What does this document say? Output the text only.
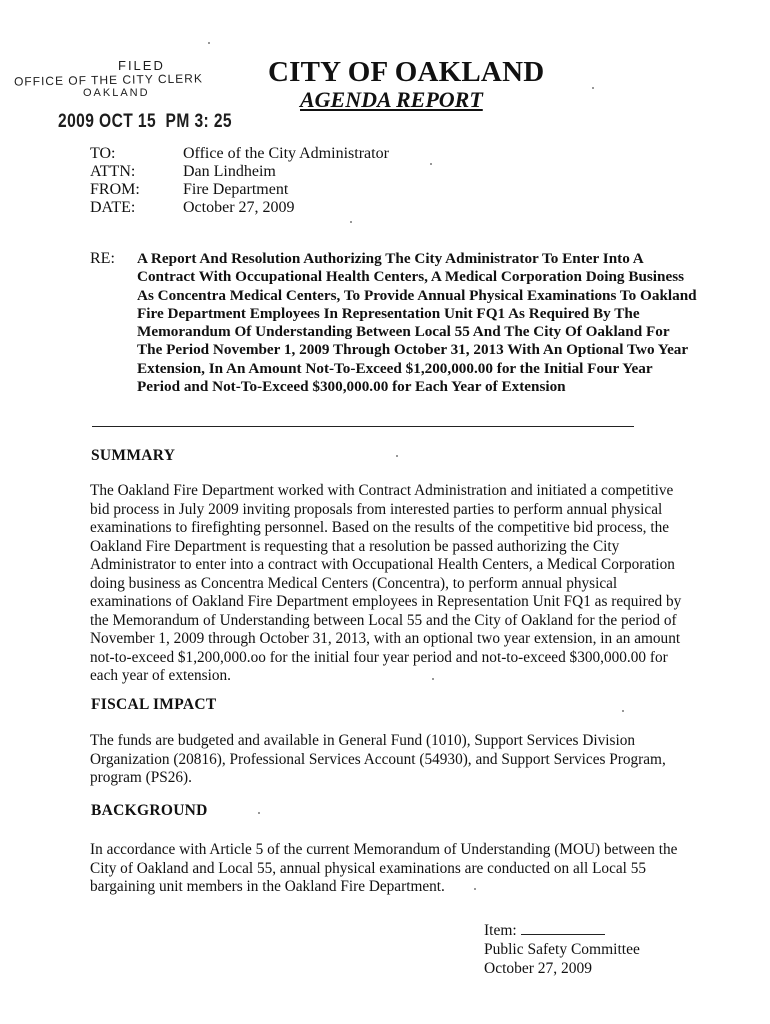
FILED
OFFICE OF THE CITY CLERK
OAKLAND
2009 OCT 15  PM 3: 25
CITY OF OAKLAND
AGENDA REPORT
TO:	Office of the City Administrator
ATTN:	Dan Lindheim
FROM:	Fire Department
DATE:	October 27, 2009
RE: A Report And Resolution Authorizing The City Administrator To Enter Into A Contract With Occupational Health Centers, A Medical Corporation Doing Business As Concentra Medical Centers, To Provide Annual Physical Examinations To Oakland Fire Department Employees In Representation Unit FQ1 As Required By The Memorandum Of Understanding Between Local 55 And The City Of Oakland For The Period November 1, 2009 Through October 31, 2013 With An Optional Two Year Extension, In An Amount Not-To-Exceed $1,200,000.00 for the Initial Four Year Period and Not-To-Exceed $300,000.00 for Each Year of Extension
SUMMARY
The Oakland Fire Department worked with Contract Administration and initiated a competitive bid process in July 2009 inviting proposals from interested parties to perform annual physical examinations to firefighting personnel. Based on the results of the competitive bid process, the Oakland Fire Department is requesting that a resolution be passed authorizing the City Administrator to enter into a contract with Occupational Health Centers, a Medical Corporation doing business as Concentra Medical Centers (Concentra), to perform annual physical examinations of Oakland Fire Department employees in Representation Unit FQ1 as required by the Memorandum of Understanding between Local 55 and the City of Oakland for the period of November 1, 2009 through October 31, 2013, with an optional two year extension, in an amount not-to-exceed $1,200,000.oo for the initial four year period and not-to-exceed $300,000.00 for each year of extension.
FISCAL IMPACT
The funds are budgeted and available in General Fund (1010), Support Services Division Organization (20816), Professional Services Account (54930), and Support Services Program, program (PS26).
BACKGROUND
In accordance with Article 5 of the current Memorandum of Understanding (MOU) between the City of Oakland and Local 55, annual physical examinations are conducted on all Local 55 bargaining unit members in the Oakland Fire Department.
Item:
Public Safety Committee
October 27, 2009
